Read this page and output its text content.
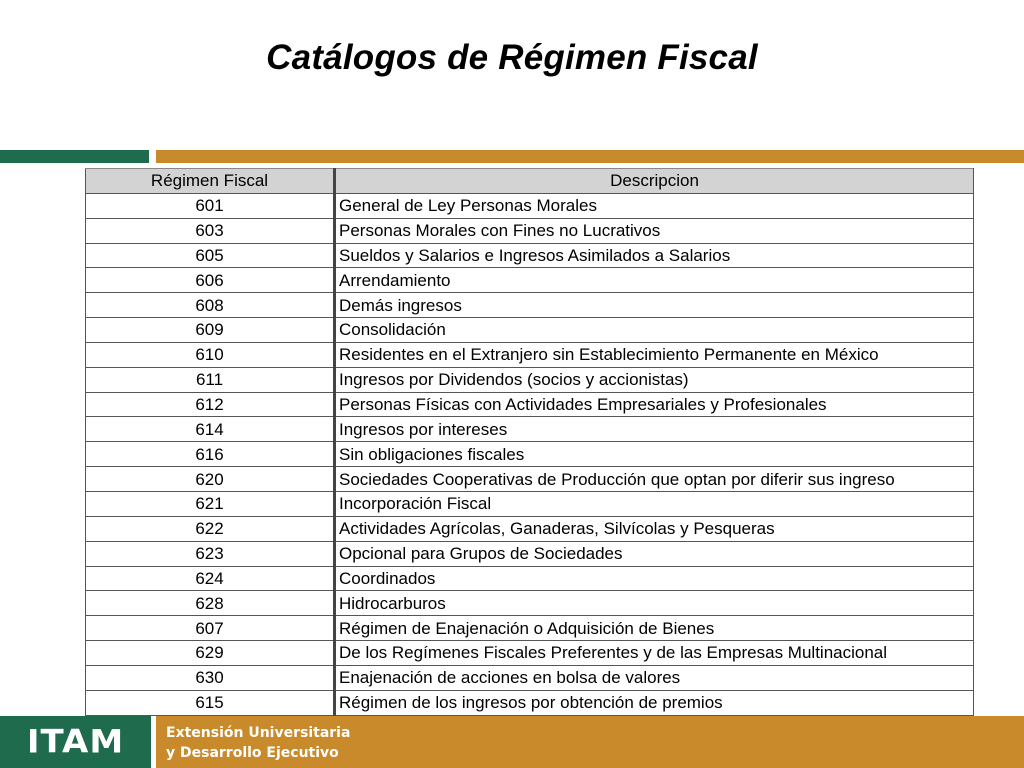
Catálogos de Régimen Fiscal
Régimen Fiscal	Descripcion
601	General de Ley Personas Morales
603	Personas Morales con Fines no Lucrativos
605	Sueldos y Salarios e Ingresos Asimilados a Salarios
606	Arrendamiento
608	Demás ingresos
609	Consolidación
610	Residentes en el Extranjero sin Establecimiento Permanente en México
611	Ingresos por Dividendos (socios y accionistas)
612	Personas Físicas con Actividades Empresariales y Profesionales
614	Ingresos por intereses
616	Sin obligaciones fiscales
620	Sociedades Cooperativas de Producción que optan por diferir sus ingreso
621	Incorporación Fiscal
622	Actividades Agrícolas, Ganaderas, Silvícolas y Pesqueras
623	Opcional para Grupos de Sociedades
624	Coordinados
628	Hidrocarburos
607	Régimen de Enajenación o Adquisición de Bienes
629	De los Regímenes Fiscales Preferentes y de las Empresas Multinacional
630	Enajenación de acciones en bolsa de valores
615	Régimen de los ingresos por obtención de premios
ITAM	Extensión Universitaria
y Desarrollo Ejecutivo
